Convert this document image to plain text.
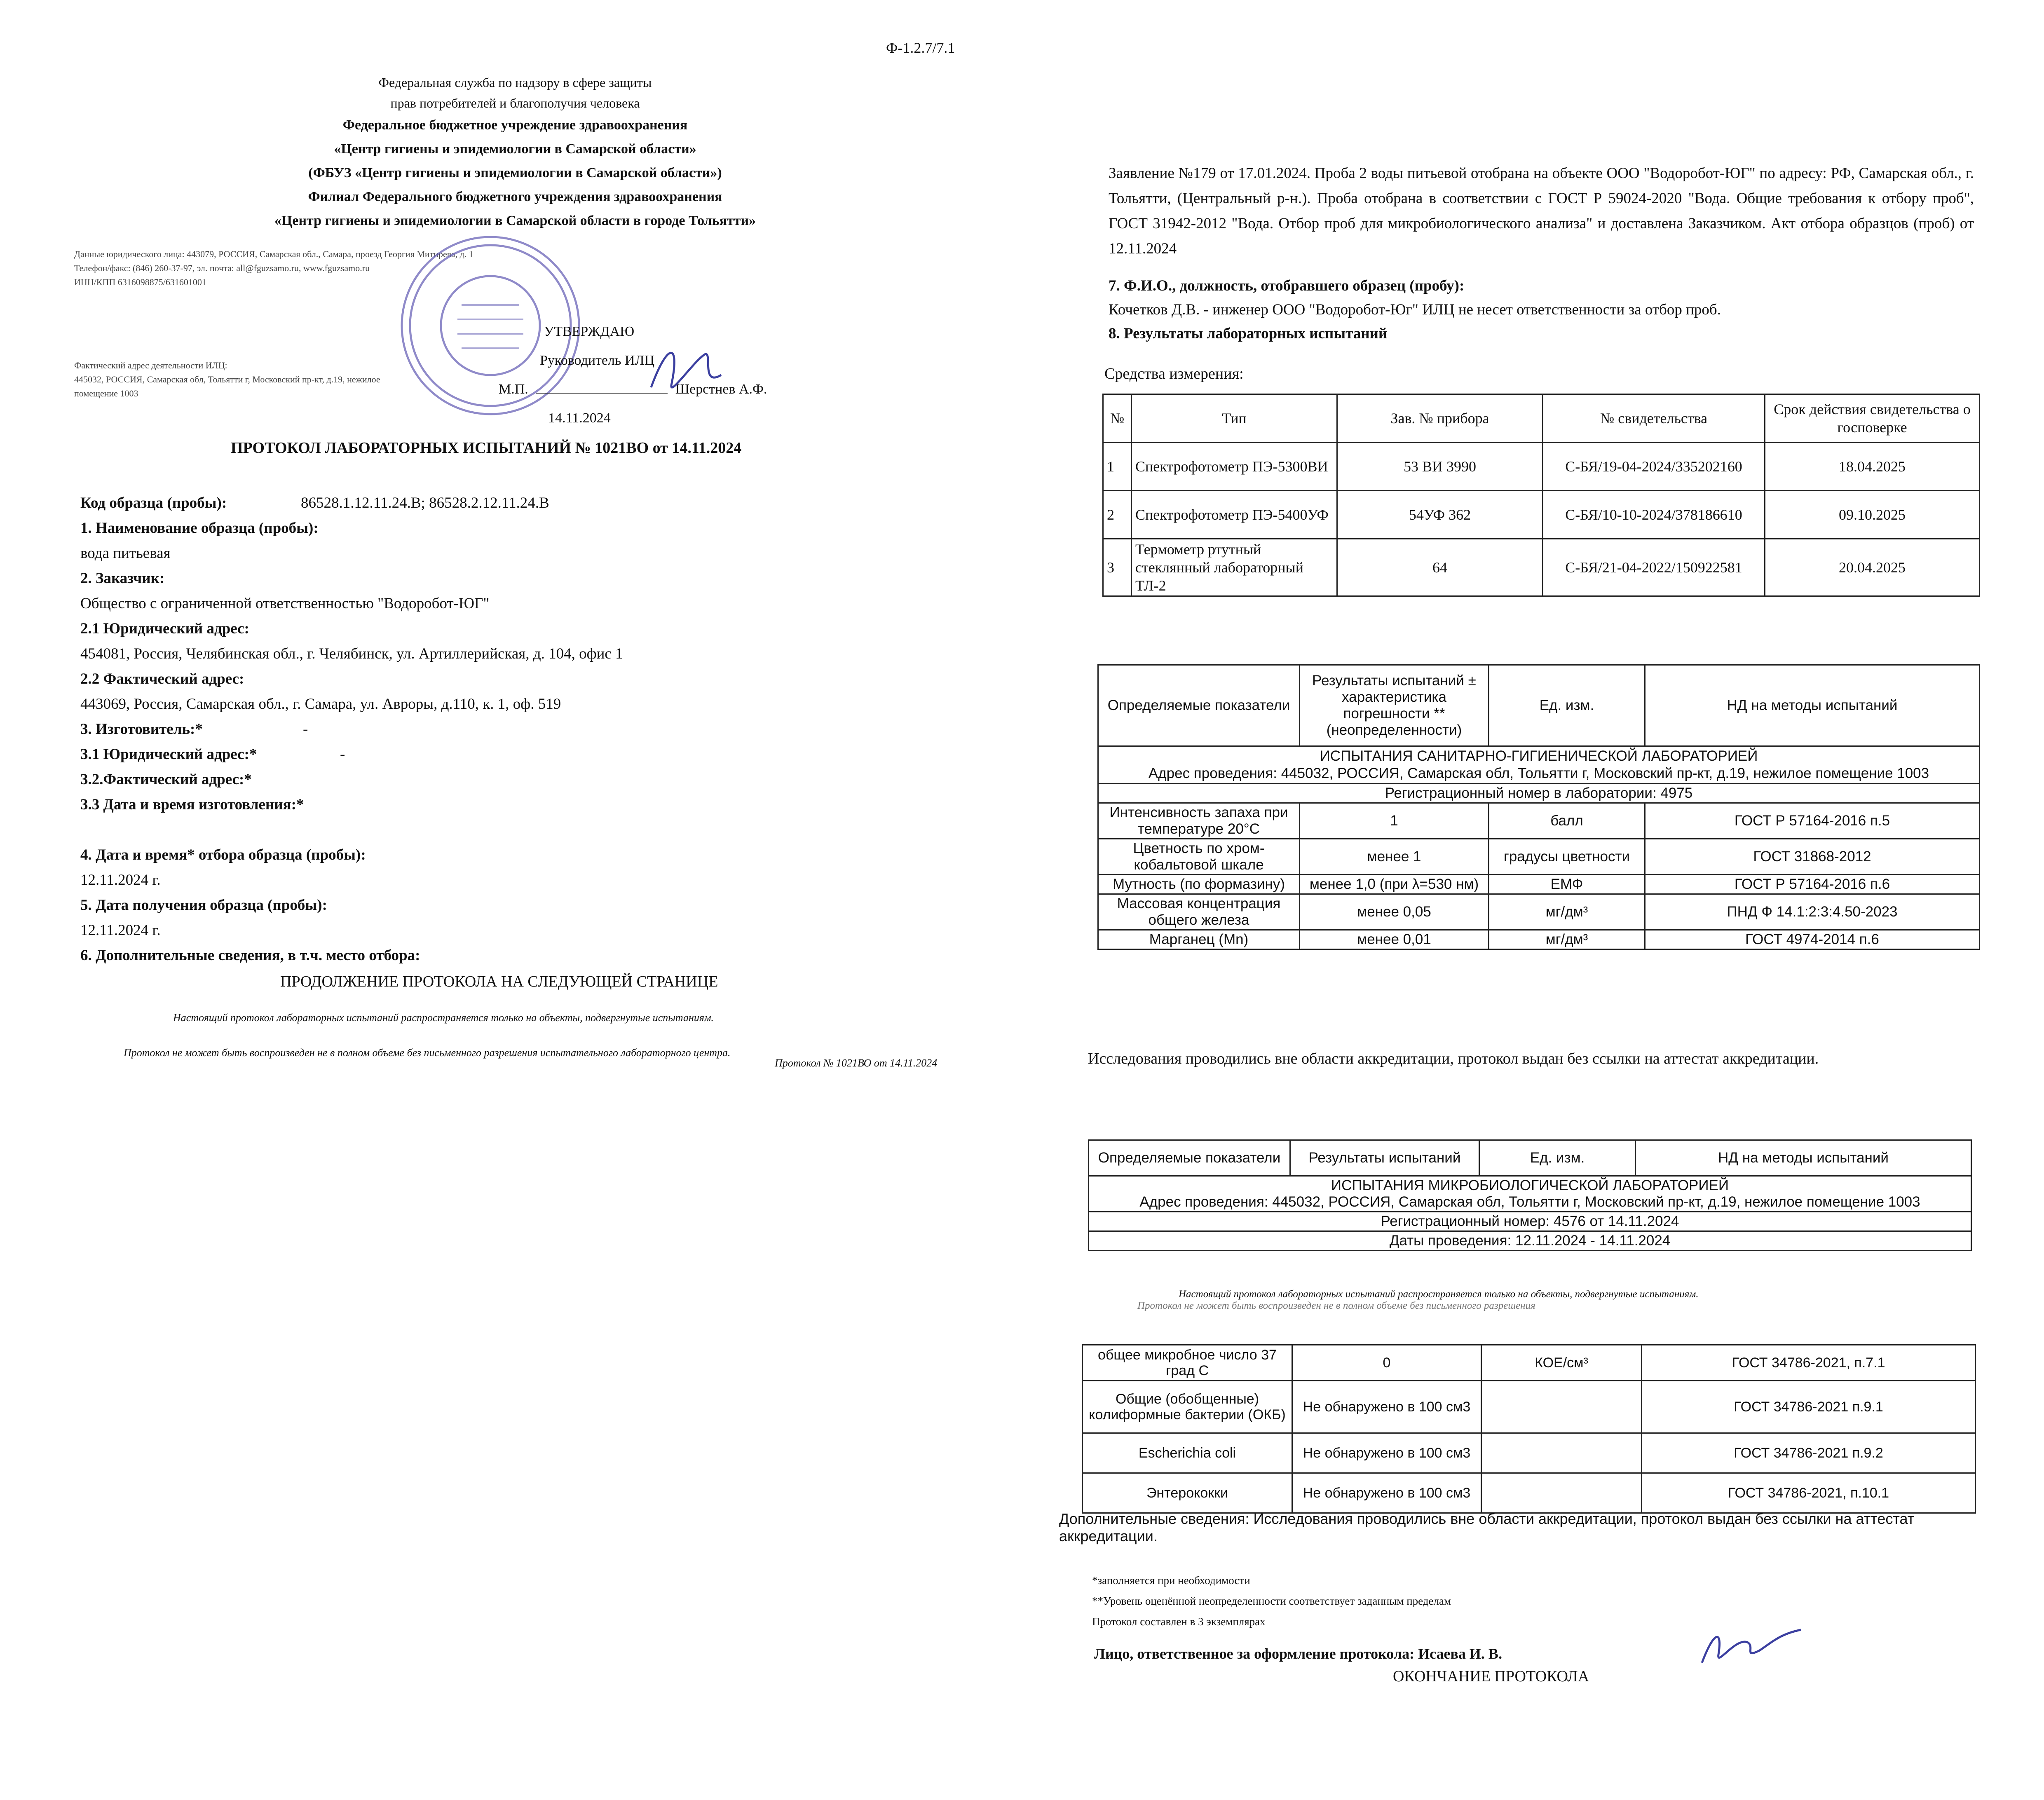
Ф-1.2.7/7.1
Федеральная служба по надзору в сфере защиты
прав потребителей и благополучия человека
Федеральное бюджетное учреждение здравоохранения
«Центр гигиены и эпидемиологии в Самарской области»
(ФБУЗ «Центр гигиены и эпидемиологии в Самарской области»)
Филиал Федерального бюджетного учреждения здравоохранения
«Центр гигиены и эпидемиологии в Самарской области в городе Тольятти»
Данные юридического лица: 443079, РОССИЯ, Самарская обл., Самара, проезд Георгия Митирева, д. 1
Телефон/факс: (846) 260-37-97, эл. почта: all@fguzsamo.ru, www.fguzsamo.ru
ИНН/КПП 6316098875/631601001
Фактический адрес деятельности ИЛЦ:
445032, РОССИЯ, Самарская обл, Тольятти г, Московский пр-кт, д.19, нежилое
помещение 1003
УТВЕРЖДАЮ
Руководитель ИЛЦ
М.П.	Шерстнев А.Ф.
14.11.2024
ПРОТОКОЛ ЛАБОРАТОРНЫХ ИСПЫТАНИЙ № 1021ВО от 14.11.2024
Код образца (пробы):	86528.1.12.11.24.В; 86528.2.12.11.24.В
1. Наименование образца (пробы):
вода питьевая
2. Заказчик:
Общество с ограниченной ответственностью "Водоробот-ЮГ"
2.1 Юридический адрес:
454081, Россия, Челябинская обл., г. Челябинск, ул. Артиллерийская, д. 104, офис 1
2.2 Фактический адрес:
443069, Россия, Самарская обл., г. Самара, ул. Авроры, д.110, к. 1, оф. 519
3. Изготовитель:*	-
3.1 Юридический адрес:*	-
3.2.Фактический адрес:*
3.3 Дата и время изготовления:*
4. Дата и время* отбора образца (пробы):
12.11.2024 г.
5. Дата получения образца (пробы):
12.11.2024 г.
6. Дополнительные сведения, в т.ч. место отбора:
ПРОДОЛЖЕНИЕ ПРОТОКОЛА НА СЛЕДУЮЩЕЙ СТРАНИЦЕ
Настоящий протокол лабораторных испытаний распространяется только на объекты, подвергнутые испытаниям.
Протокол не может быть воспроизведен не в полном объеме без письменного разрешения испытательного лабораторного центра.
Протокол № 1021ВО от 14.11.2024
Заявление №179 от 17.01.2024. Проба 2 воды питьевой отобрана на объекте ООО "Водоробот-ЮГ" по адресу: РФ, Самарская обл., г. Тольятти, (Центральный р-н.). Проба отобрана в соответствии с ГОСТ Р 59024-2020 "Вода. Общие требования к отбору проб", ГОСТ 31942-2012 "Вода. Отбор проб для микробиологического анализа" и доставлена Заказчиком. Акт отбора образцов (проб) от 12.11.2024
7. Ф.И.О., должность, отобравшего образец (пробу):
Кочетков Д.В. - инженер ООО "Водоробот-Юг" ИЛЦ не несет ответственности за отбор проб.
8. Результаты лабораторных испытаний
Средства измерения:
№	Тип	Зав. № прибора	№ свидетельства	Срок действия свидетельства о госповерке
1	Спектрофотометр ПЭ-5300ВИ	53 ВИ 3990	С-БЯ/19-04-2024/335202160	18.04.2025
2	Спектрофотометр ПЭ-5400УФ	54УФ 362	С-БЯ/10-10-2024/378186610	09.10.2025
3	Термометр ртутный стеклянный лабораторный ТЛ-2	64	С-БЯ/21-04-2022/150922581	20.04.2025
Определяемые показатели	Результаты испытаний ± характеристика погрешности **(неопределенности)	Ед. изм.	НД на методы испытаний

ИСПЫТАНИЯ САНИТАРНО-ГИГИЕНИЧЕСКОЙ ЛАБОРАТОРИЕЙ
Адрес проведения: 445032, РОССИЯ, Самарская обл, Тольятти г, Московский пр-кт, д.19, нежилое помещение 1003			

Регистрационный номер в лаборатории: 4975			
Интенсивность запаха при температуре 20°С	1	балл	ГОСТ Р 57164-2016 п.5
Цветность по хром-кобальтовой шкале	менее 1	градусы цветности	ГОСТ 31868-2012
Мутность (по формазину)	менее 1,0 (при λ=530 нм)	ЕМФ	ГОСТ Р 57164-2016 п.6
Массовая концентрация общего железа	менее 0,05	мг/дм³	ПНД Ф 14.1:2:3:4.50-2023
Марганец (Mn)	менее 0,01	мг/дм³	ГОСТ 4974-2014 п.6
Исследования проводились вне области аккредитации, протокол выдан без ссылки на аттестат аккредитации.
Определяемые показатели	Результаты испытаний	Ед. изм.	НД на методы испытаний

ИСПЫТАНИЯ МИКРОБИОЛОГИЧЕСКОЙ ЛАБОРАТОРИЕЙ
Адрес проведения: 445032, РОССИЯ, Самарская обл, Тольятти г, Московский пр-кт, д.19, нежилое помещение 1003

Регистрационный номер: 4576 от 14.11.2024
Даты проведения: 12.11.2024 - 14.11.2024
Настоящий протокол лабораторных испытаний распространяется только на объекты, подвергнутые испытаниям.
Протокол не может быть воспроизведен не в полном объеме без письменного разрешения
общее микробное число 37 град С	0	КОЕ/см³	ГОСТ 34786-2021, п.7.1
Общие (обобщенные) колиформные бактерии (ОКБ)	Не обнаружено в 100 см3		ГОСТ 34786-2021 п.9.1
Escherichia coli	Не обнаружено в 100 см3		ГОСТ 34786-2021 п.9.2
Энтерококки	Не обнаружено в 100 см3		ГОСТ 34786-2021, п.10.1
Дополнительные сведения: Исследования проводились вне области аккредитации, протокол выдан без ссылки на аттестат аккредитации.
*заполняется при необходимости
**Уровень оценённой неопределенности соответствует заданным пределам
Протокол составлен в 3 экземплярах
Лицо, ответственное за оформление протокола: Исаева И. В.
ОКОНЧАНИЕ ПРОТОКОЛА
